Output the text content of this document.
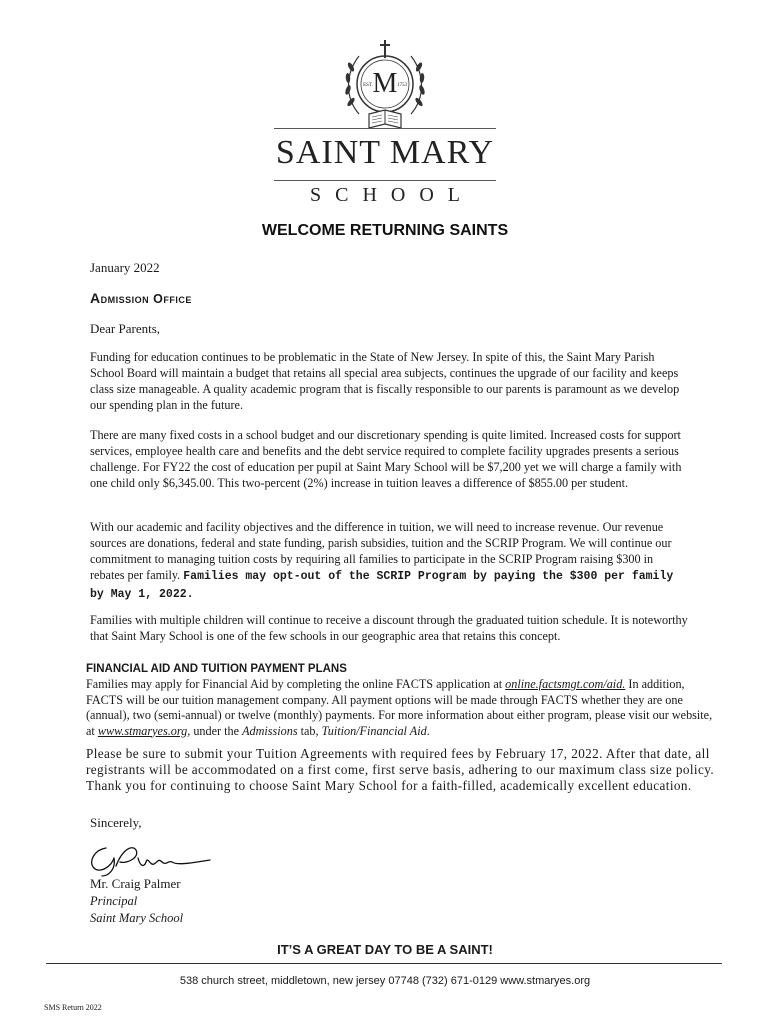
M
EST.	1753
SAINT MARY
SCHOOL
WELCOME RETURNING SAINTS
January 2022
Admission Office
Dear Parents,
Funding for education continues to be problematic in the State of New Jersey. In spite of this, the Saint Mary Parish School Board will maintain a budget that retains all special area subjects, continues the upgrade of our facility and keeps class size manageable. A quality academic program that is fiscally responsible to our parents is paramount as we develop our spending plan in the future.
There are many fixed costs in a school budget and our discretionary spending is quite limited. Increased costs for support services, employee health care and benefits and the debt service required to complete facility upgrades presents a serious challenge. For FY22 the cost of education per pupil at Saint Mary School will be $7,200 yet we will charge a family with one child only $6,345.00. This two-percent (2%) increase in tuition leaves a difference of $855.00 per student.
With our academic and facility objectives and the difference in tuition, we will need to increase revenue. Our revenue sources are donations, federal and state funding, parish subsidies, tuition and the SCRIP Program. We will continue our commitment to managing tuition costs by requiring all families to participate in the SCRIP Program raising $300 in rebates per family. Families may opt-out of the SCRIP Program by paying the $300 per family by May 1, 2022.
Families with multiple children will continue to receive a discount through the graduated tuition schedule. It is noteworthy that Saint Mary School is one of the few schools in our geographic area that retains this concept.
FINANCIAL AID AND TUITION PAYMENT PLANS
Families may apply for Financial Aid by completing the online FACTS application at online.factsmgt.com/aid. In addition, FACTS will be our tuition management company. All payment options will be made through FACTS whether they are one (annual), two (semi-annual) or twelve (monthly) payments. For more information about either program, please visit our website, at www.stmaryes.org, under the Admissions tab, Tuition/Financial Aid.
Please be sure to submit your Tuition Agreements with required fees by February 17, 2022. After that date, all registrants will be accommodated on a first come, first serve basis, adhering to our maximum class size policy. Thank you for continuing to choose Saint Mary School for a faith-filled, academically excellent education.
Sincerely,
Mr. Craig Palmer
Principal
Saint Mary School
IT’S A GREAT DAY TO BE A SAINT!
538 church street, middletown, new jersey 07748 (732) 671-0129 www.stmaryes.org
SMS Return 2022
